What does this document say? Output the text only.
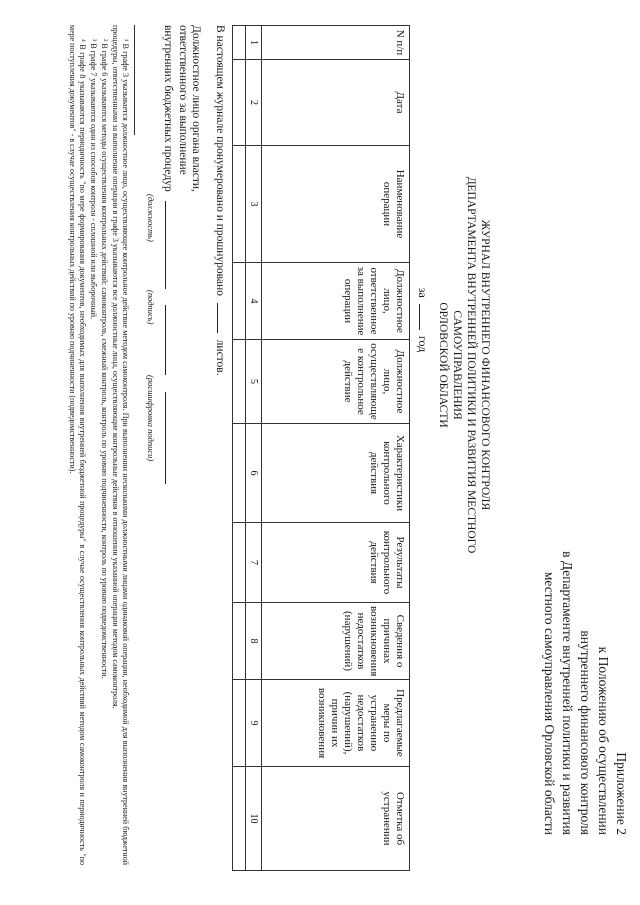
Приложение 2
к Положению об осуществлении
внутреннего финансового контроля
в Департаменте внутренней политики и развития
местного самоуправления Орловской области
ЖУРНАЛ ВНУТРЕННЕГО ФИНАНСОВОГО КОНТРОЛЯ
ДЕПАРТАМЕНТА ВНУТРЕННЕЙ ПОЛИТИКИ И РАЗВИТИЯ МЕСТНОГО САМОУПРАВЛЕНИЯ
ОРЛОВСКОЙ ОБЛАСТИ
за  год
N п/п	Дата	Наименование операции	Должностное лицо, ответственное за выполнение операции	Должностное лицо, осуществляюще е контрольное действие	Характеристики контрольного действия	Результаты контрольного действия	Сведения о причинах возникновения недостатков (нарушений)	Предлагаемые меры по устранению недостатков (нарушений), причин их возникновения	Отметка об устранении
1	2	3	4	5	6	7	8	9	10

В настоящем журнале пронумеровано и прошнуровано  листов.
Должностное лицо органа власти,
ответственного за выполнение
внутренних бюджетных процедур
(должность)
(подпись)
(расшифровка подписи)

¹ В графе 3 указывается должностное лицо, осуществляющее контрольное действие методом самоконтроля. При выполнении несколькими должностными лицами одинаковой операции, необходимой для выполнения внутренней бюджетной процедуры, ответственными за выполнение операции в графе 3 указываются все должностные лица, осуществляющие контрольные действия в отношении указанной операции методом самоконтроля.

² В графе 6 указываются методы осуществления контрольных действий: самоконтроль, смежный контроль, контроль по уровню подчиненности, контроль по уровню подведомственности.

³ В графе 7 указываются один из способов контроля - сплошной или выборочный.

⁴ В графе 8 указываются периодичность "по мере формирования документов, необходимых для выполнения внутренней бюджетной процедуры" в случае осуществления контрольных действий методом самоконтроля и периодичность "по мере поступления документов" - в случае осуществления контрольных действий по уровню подчиненности (подведомственности).
